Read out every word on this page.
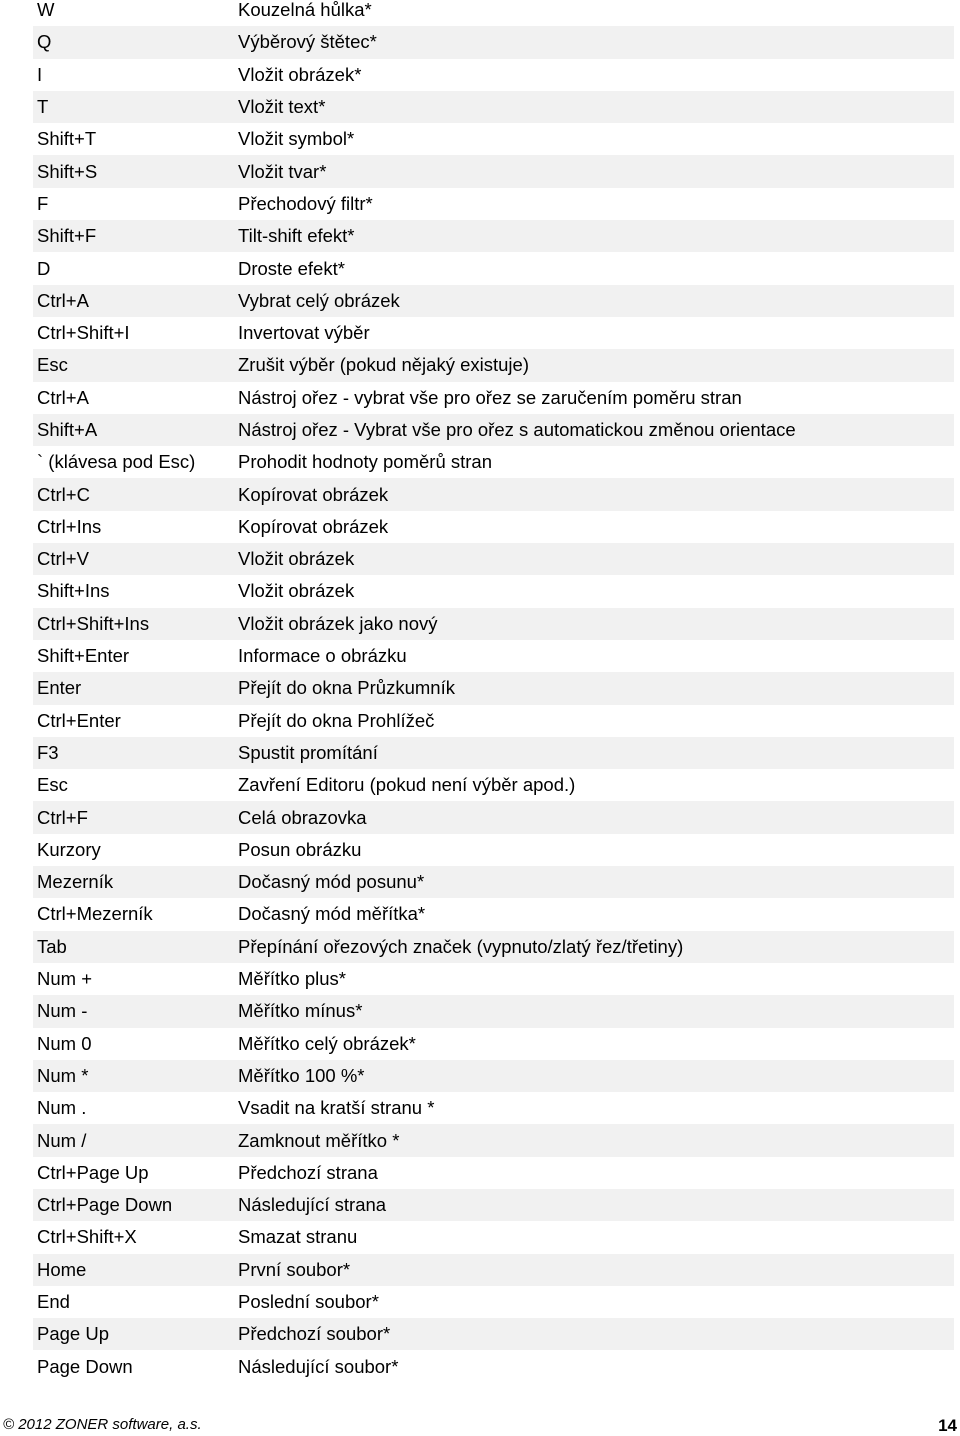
W	Kouzelná hůlka*
Q	Výběrový štětec*
I	Vložit obrázek*
T	Vložit text*
Shift+T	Vložit symbol*
Shift+S	Vložit tvar*
F	Přechodový filtr*
Shift+F	Tilt-shift efekt*
D	Droste efekt*
Ctrl+A	Vybrat celý obrázek
Ctrl+Shift+I	Invertovat výběr
Esc	Zrušit výběr (pokud nějaký existuje)
Ctrl+A	Nástroj ořez - vybrat vše pro ořez se zaručením poměru stran
Shift+A	Nástroj ořez - Vybrat vše pro ořez s automatickou změnou orientace
` (klávesa pod Esc)	Prohodit hodnoty poměrů stran
Ctrl+C	Kopírovat obrázek
Ctrl+Ins	Kopírovat obrázek
Ctrl+V	Vložit obrázek
Shift+Ins	Vložit obrázek
Ctrl+Shift+Ins	Vložit obrázek jako nový
Shift+Enter	Informace o obrázku
Enter	Přejít do okna Průzkumník
Ctrl+Enter	Přejít do okna Prohlížeč
F3	Spustit promítání
Esc	Zavření Editoru (pokud není výběr apod.)
Ctrl+F	Celá obrazovka
Kurzory	Posun obrázku
Mezerník	Dočasný mód posunu*
Ctrl+Mezerník	Dočasný mód měřítka*
Tab	Přepínání ořezových značek (vypnuto/zlatý řez/třetiny)
Num +	Měřítko plus*
Num -	Měřítko mínus*
Num 0	Měřítko celý obrázek*
Num *	Měřítko 100 %*
Num .	Vsadit na kratší stranu *
Num /	Zamknout měřítko *
Ctrl+Page Up	Předchozí strana
Ctrl+Page Down	Následující strana
Ctrl+Shift+X	Smazat stranu
Home	První soubor*
End	Poslední soubor*
Page Up	Předchozí soubor*
Page Down	Následující soubor*
© 2012 ZONER software, a.s.	14
